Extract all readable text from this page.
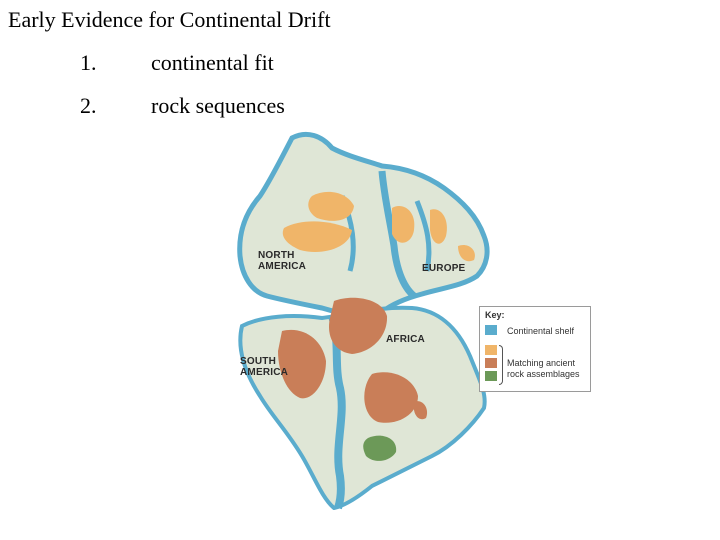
Early Evidence for Continental Drift
1. continental fit
2. rock sequences
NORTH AMERICA	EUROPE
AFRICA
SOUTH AMERICA
Key:
Continental shelf
Matching ancient
rock assemblages
